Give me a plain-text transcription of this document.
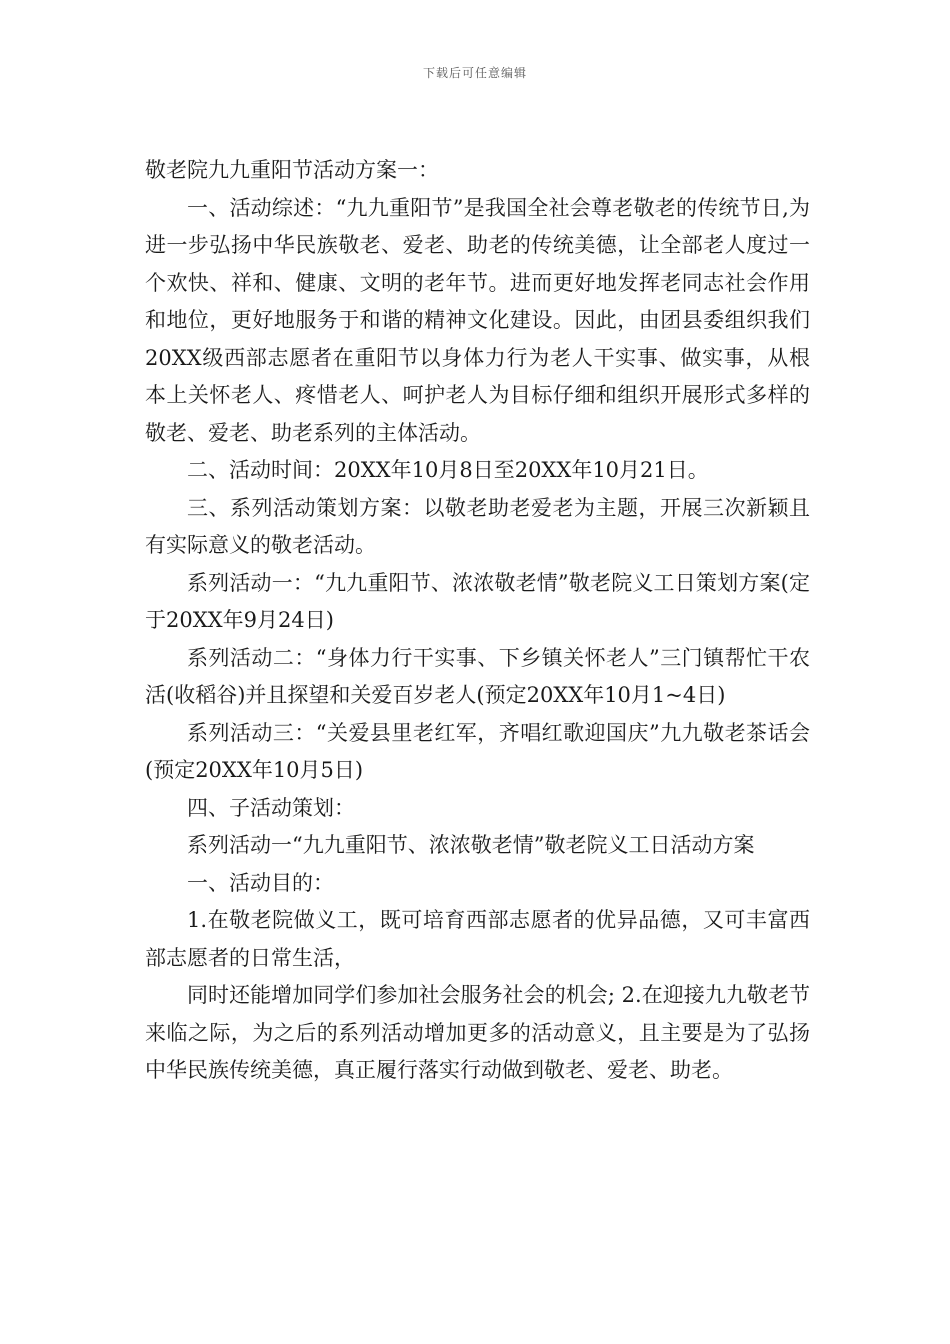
下载后可任意编辑

敬老院九九重阳节活动方案一：

一、活动综述：“九九重阳节”是我国全社会尊老敬老的传统节日,为进一步弘扬中华民族敬老、爱老、助老的传统美德，让全部老人度过一个欢快、祥和、健康、文明的老年节。进而更好地发挥老同志社会作用和地位，更好地服务于和谐的精神文化建设。因此，由团县委组织我们20XX级西部志愿者在重阳节以身体力行为老人干实事、做实事，从根本上关怀老人、疼惜老人、呵护老人为目标仔细和组织开展形式多样的敬老、爱老、助老系列的主体活动。

二、活动时间：20XX年10月8日至20XX年10月21日。

三、系列活动策划方案：以敬老助老爱老为主题，开展三次新颖且有实际意义的敬老活动。

系列活动一：“九九重阳节、浓浓敬老情”敬老院义工日策划方案(定于20XX年9月24日)

系列活动二：“身体力行干实事、下乡镇关怀老人”三门镇帮忙干农活(收稻谷)并且探望和关爱百岁老人(预定20XX年10月1~4日)

系列活动三：“关爱县里老红军，齐唱红歌迎国庆”九九敬老茶话会(预定20XX年10月5日)

四、子活动策划：

系列活动一“九九重阳节、浓浓敬老情”敬老院义工日活动方案

一、活动目的：

1.在敬老院做义工，既可培育西部志愿者的优异品德，又可丰富西部志愿者的日常生活，

同时还能增加同学们参加社会服务社会的机会; 2.在迎接九九敬老节来临之际，为之后的系列活动增加更多的活动意义，且主要是为了弘扬中华民族传统美德，真正履行落实行动做到敬老、爱老、助老。
